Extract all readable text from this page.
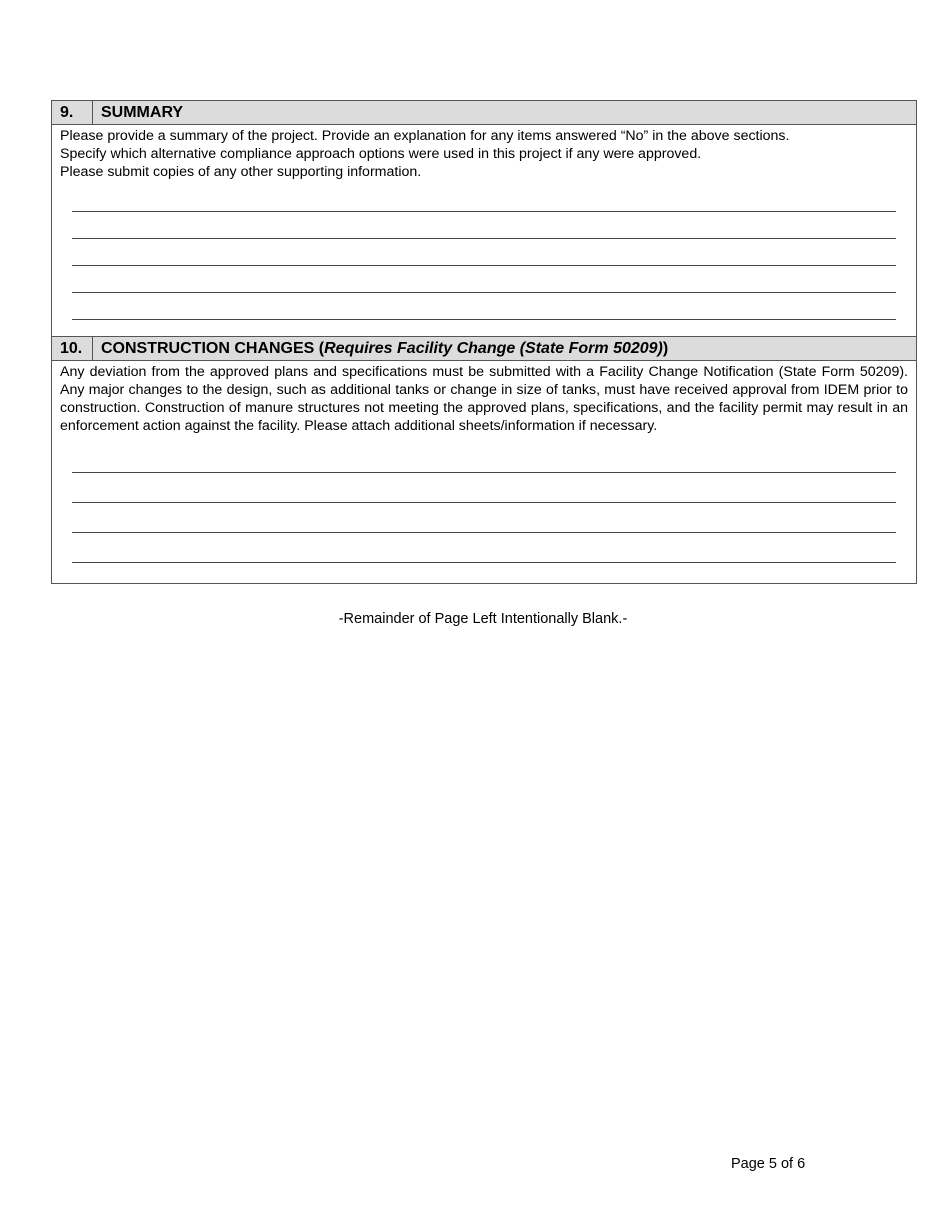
9.	SUMMARY

Please provide a summary of the project. Provide an explanation for any items answered “No” in the above sections.

Specify which alternative compliance approach options were used in this project if any were approved.

Please submit copies of any other supporting information.

10.	CONSTRUCTION CHANGES ( Requires Facility Change (State Form 50209) )

Any deviation from the approved plans and specifications must be submitted with a Facility Change Notification (State Form 50209). Any major changes to the design, such as additional tanks or change in size of tanks, must have received approval from IDEM prior to construction. Construction of manure structures not meeting the approved plans, specifications, and the facility permit may result in an enforcement action against the facility. Please attach additional sheets/information if necessary.

-Remainder of Page Left Intentionally Blank.-
Page 5 of 6
